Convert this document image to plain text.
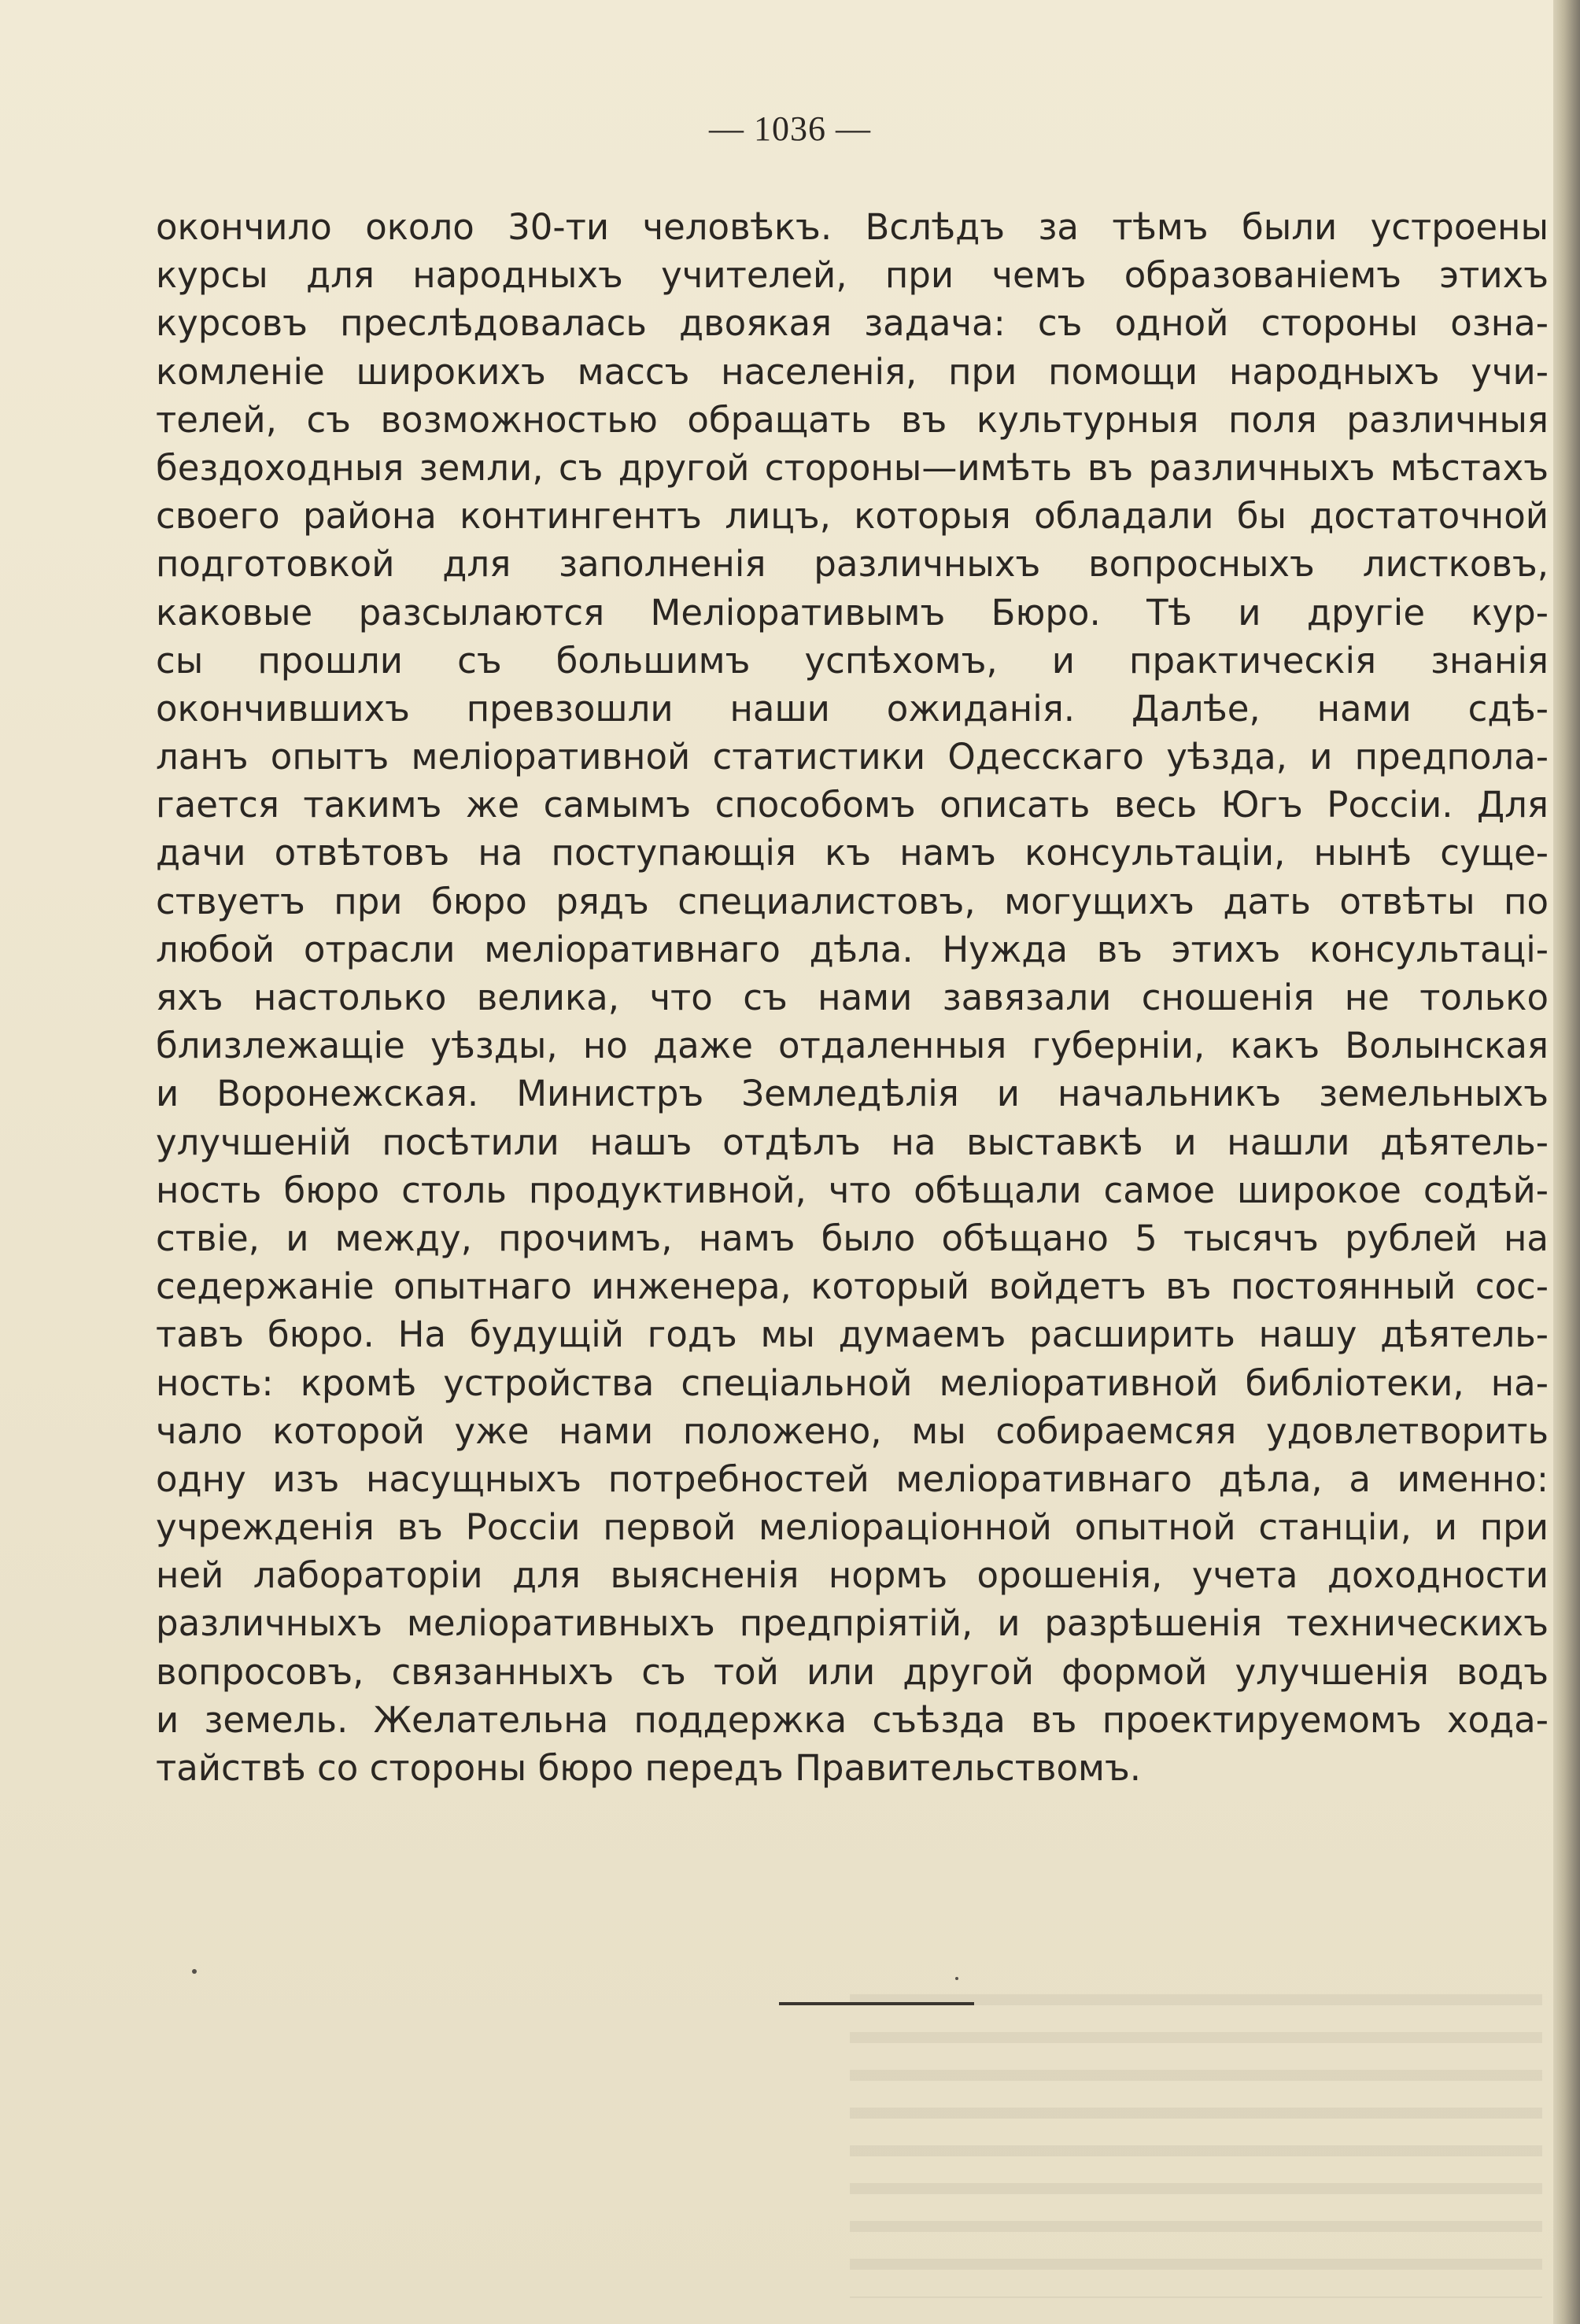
— 1036 —
окончило около 30-ти человѣкъ. Вслѣдъ за тѣмъ были устроены
курсы для народныхъ учителей, при чемъ образованіемъ этихъ
курсовъ преслѣдовалась двоякая задача: съ одной стороны озна-
комленіе широкихъ массъ населенія, при помощи народныхъ учи-
телей, съ возможностью обращать въ культурныя поля различныя
бездоходныя земли, съ другой стороны—имѣть въ различныхъ мѣстахъ
своего района контингентъ лицъ, которыя обладали бы достаточной
подготовкой для заполненія различныхъ вопросныхъ листковъ,
каковые разсылаются Меліоративымъ Бюро. Тѣ и другіе кур-
сы прошли съ большимъ успѣхомъ, и практическія знанія
окончившихъ превзошли наши ожиданія. Далѣе, нами сдѣ-
ланъ опытъ меліоративной статистики Одесскаго уѣзда, и предпола-
гается такимъ же самымъ способомъ описать весь Югъ Россіи. Для
дачи отвѣтовъ на поступающія къ намъ консультаціи, нынѣ суще-
ствуетъ при бюро рядъ специалистовъ, могущихъ дать отвѣты по
любой отрасли меліоративнаго дѣла. Нужда въ этихъ консультаці-
яхъ настолько велика, что съ нами завязали сношенія не только
близлежащіе уѣзды, но даже отдаленныя губерніи, какъ Волынская
и Воронежская. Министръ Земледѣлія и начальникъ земельныхъ
улучшеній посѣтили нашъ отдѣлъ на выставкѣ и нашли дѣятель-
ность бюро столь продуктивной, что обѣщали самое широкое содѣй-
ствіе, и между, прочимъ, намъ было обѣщано 5 тысячъ рублей на
седержаніе опытнаго инженера, который войдетъ въ постоянный сос-
тавъ бюро. На будущій годъ мы думаемъ расширить нашу дѣятель-
ность: кромѣ устройства спеціальной меліоративной библіотеки, на-
чало которой уже нами положено, мы собираемсяя удовлетворить
одну изъ насущныхъ потребностей меліоративнаго дѣла, а именно:
учрежденія въ Россіи первой меліораціонной опытной станціи, и при
ней лабораторіи для выясненія нормъ орошенія, учета доходности
различныхъ меліоративныхъ предпріятій, и разрѣшенія техническихъ
вопросовъ, связанныхъ съ той или другой формой улучшенія водъ
и земель. Желательна поддержка съѣзда въ проектируемомъ хода-
тайствѣ со стороны бюро передъ Правительствомъ.
